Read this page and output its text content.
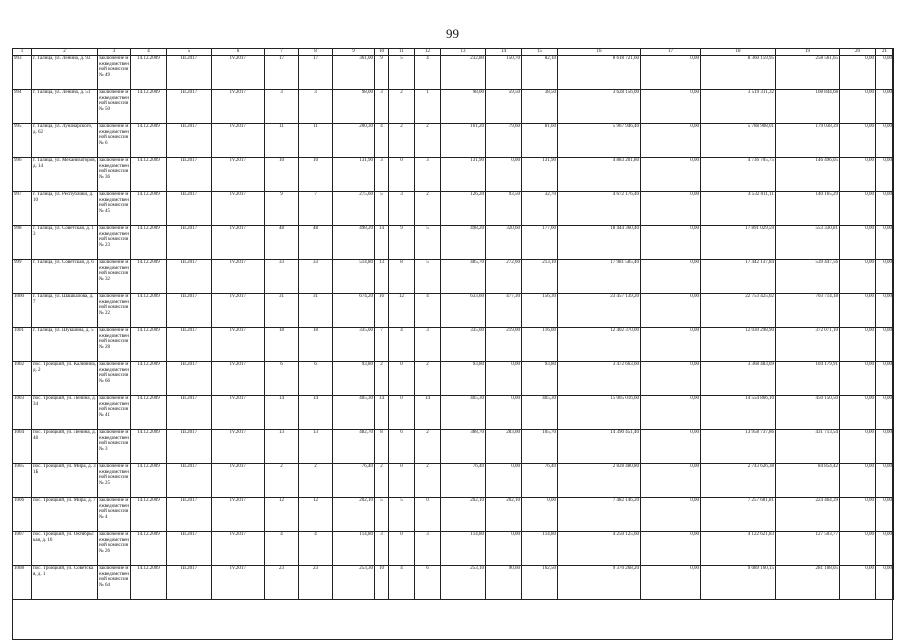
99
1	2	3	4	5	6	7	8	9	10	11	12	13	14	15	16	17	18	19	20	21
993	г. Талица, ул. Ленина, д. 93	заключение межведомственной комиссии № 49	14.12.2009	III.2017	IV.2017	17	17	361,00	9	5	4	232,80	150,70	82,10	8 618 721,60	0,00	8 360 159,95	258 561,65	0,00	0,00
994	г. Талица, ул. Ленина, д. 51	заключение межведомственной комиссии № 50	14.12.2009	III.2017	IV.2017	3	3	98,00	3	2	1	98,00	59,50	38,50	3 628 156,00	0,00	3 519 311,32	108 844,68	0,00	0,00
995	г. Талица, ул. Луначарского, д. 62	заключение межведомственной комиссии № 6	14.12.2009	III.2017	IV.2017	11	11	200,30	4	2	2	161,20	79,60	81,60	5 967 946,40	0,00	5 788 908,01	179 038,39	0,00	0,00
996	г. Талица, ул. Механизаторов, д. 14	заключение межведомственной комиссии № 36	14.12.2009	III.2017	IV.2017	10	10	131,90	3	0	3	131,90	0,00	131,90	4 883 201,80	0,00	4 736 705,75	146 496,05	0,00	0,00
997	г. Талица, ул. Республики, д. 10	заключение межведомственной комиссии № 45	14.12.2009	III.2017	IV.2017	9	7	275,60	5	3	2	126,20	93,50	32,70	4 672 176,40	0,00	4 532 011,11	140 165,29	0,00	0,00
998	г. Талица, ул. Советская, д. 13	заключение межведомственной комиссии № 23	14.12.2009	III.2017	IV.2017	48	48	498,20	14	9	5	498,20	320,60	177,60	18 444 360,40	0,00	17 891 029,59	553 330,81	0,00	0,00
999	г. Талица, ул. Советская, д. 6	заключение межведомственной комиссии № 32	14.12.2009	III.2017	IV.2017	33	33	514,80	13	8	5	485,70	272,60	213,10	17 981 585,40	0,00	17 442 137,84	539 447,56	0,00	0,00
1000	г. Талица, ул. Шашкалова, д. 7	заключение межведомственной комиссии № 22	14.12.2009	III.2017	IV.2017	31	31	674,20	16	12	4	633,60	477,30	156,30	23 457 139,20	0,00	22 753 425,02	703 714,18	0,00	0,00
1001	г. Талица, ул. Шукшина, д. 5	заключение межведомственной комиссии № 28	14.12.2009	III.2017	IV.2017	18	18	335,00	7	4	3	335,00	219,00	116,00	12 402 370,00	0,00	12 030 298,90	372 071,10	0,00	0,00
1002	пос. Троицкий, ул. Калинина, д. 2	заключение межведомственной комиссии № 66	14.12.2009	III.2017	IV.2017	6	6	93,80	2	0	2	93,80	0,00	93,80	3 472 663,60	0,00	3 368 483,69	104 179,91	0,00	0,00
1003	пос. Троицкий, ул. Ленина, д. 34	заключение межведомственной комиссии № 41	14.12.2009	III.2017	IV.2017	14	14	405,30	14	0	14	405,30	0,00	405,30	15 005 016,60	0,00	14 554 866,10	450 150,50	0,00	0,00
1004	пос. Троицкий, ул. Ленина, д. 48	заключение межведомственной комиссии № 3	14.12.2009	III.2017	IV.2017	13	13	482,70	8	6	2	388,70	283,00	105,70	14 390 451,40	0,00	13 958 737,86	431 713,54	0,00	0,00
1005	пос. Троицкий, ул. Мира, д. 31Б	заключение межведомственной комиссии № 25	14.12.2009	III.2017	IV.2017	2	2	76,40	2	0	2	76,40	0,00	76,40	2 828 480,80	0,00	2 743 626,38	84 854,42	0,00	0,00
1006	пос. Троицкий, ул. Мира, д. 7	заключение межведомственной комиссии № 4	14.12.2009	III.2017	IV.2017	12	12	202,10	5	5	0	202,10	202,10	0,00	7 482 146,20	0,00	7 257 681,81	224 464,39	0,00	0,00
1007	пос. Троицкий, ул. Октябрьская, д. 16	заключение межведомственной комиссии № 26	14.12.2009	III.2017	IV.2017	4	4	114,80	3	0	3	114,80	0,00	114,80	4 250 125,60	0,00	4 122 621,83	127 503,77	0,00	0,00
1008	пос. Троицкий, ул. Советская, д. 1	заключение межведомственной комиссии № 64	14.12.2009	III.2017	IV.2017	23	23	253,30	10	4	6	253,10	90,60	162,50	9 370 268,20	0,00	9 089 160,15	281 108,05	0,00	0,00
